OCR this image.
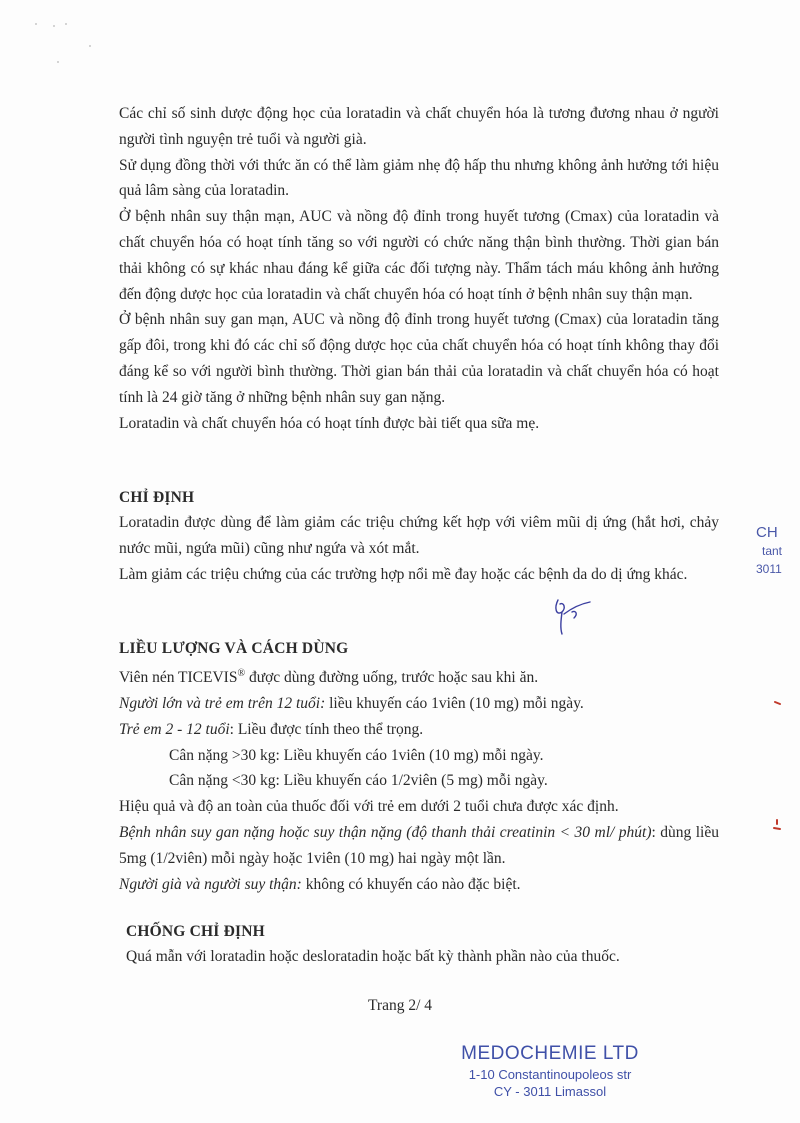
Các chỉ số sinh dược động học của loratadin và chất chuyển hóa là tương đương nhau ở người người tình nguyện trẻ tuổi và người già.

Sử dụng đồng thời với thức ăn có thể làm giảm nhẹ độ hấp thu nhưng không ảnh hưởng tới hiệu quả lâm sàng của loratadin.

Ở bệnh nhân suy thận mạn, AUC và nồng độ đỉnh trong huyết tương (Cmax) của loratadin và chất chuyển hóa có hoạt tính tăng so với người có chức năng thận bình thường. Thời gian bán thải không có sự khác nhau đáng kể giữa các đối tượng này. Thẩm tách máu không ảnh hưởng đến động dược học của loratadin và chất chuyển hóa có hoạt tính ở bệnh nhân suy thận mạn.

Ở bệnh nhân suy gan mạn, AUC và nồng độ đỉnh trong huyết tương (Cmax) của loratadin tăng gấp đôi, trong khi đó các chỉ số động dược học của chất chuyển hóa có hoạt tính không thay đổi đáng kể so với người bình thường. Thời gian bán thải của loratadin và chất chuyển hóa có hoạt tính là 24 giờ tăng ở những bệnh nhân suy gan nặng.

Loratadin và chất chuyển hóa có hoạt tính được bài tiết qua sữa mẹ.

CHỈ ĐỊNH

Loratadin được dùng để làm giảm các triệu chứng kết hợp với viêm mũi dị ứng (hắt hơi, chảy nước mũi, ngứa mũi) cũng như ngứa và xót mắt.

Làm giảm các triệu chứng của các trường hợp nổi mề đay hoặc các bệnh da do dị ứng khác.

LIỀU LƯỢNG VÀ CÁCH DÙNG

Viên nén TICEVIS® được dùng đường uống, trước hoặc sau khi ăn.

Người lớn và trẻ em trên 12 tuổi: liều khuyến cáo 1viên (10 mg) mỗi ngày.

Trẻ em 2 - 12 tuổi: Liều được tính theo thể trọng.

Cân nặng >30 kg: Liều khuyến cáo 1viên (10 mg) mỗi ngày.

Cân nặng <30 kg: Liều khuyến cáo 1/2viên (5 mg) mỗi ngày.

Hiệu quả và độ an toàn của thuốc đối với trẻ em dưới 2 tuổi chưa được xác định.

Bệnh nhân suy gan nặng hoặc suy thận nặng (độ thanh thải creatinin < 30 ml/ phút): dùng liều 5mg (1/2viên) mỗi ngày hoặc 1viên (10 mg) hai ngày một lần.

Người già và người suy thận: không có khuyến cáo nào đặc biệt.

CHỐNG CHỈ ĐỊNH

Quá mẫn với loratadin hoặc desloratadin hoặc bất kỳ thành phần nào của thuốc.

Trang 2/ 4
MEDOCHEMIE LTD
1-10 Constantinoupoleos str
CY - 3011 Limassol
CH
tant
3011
